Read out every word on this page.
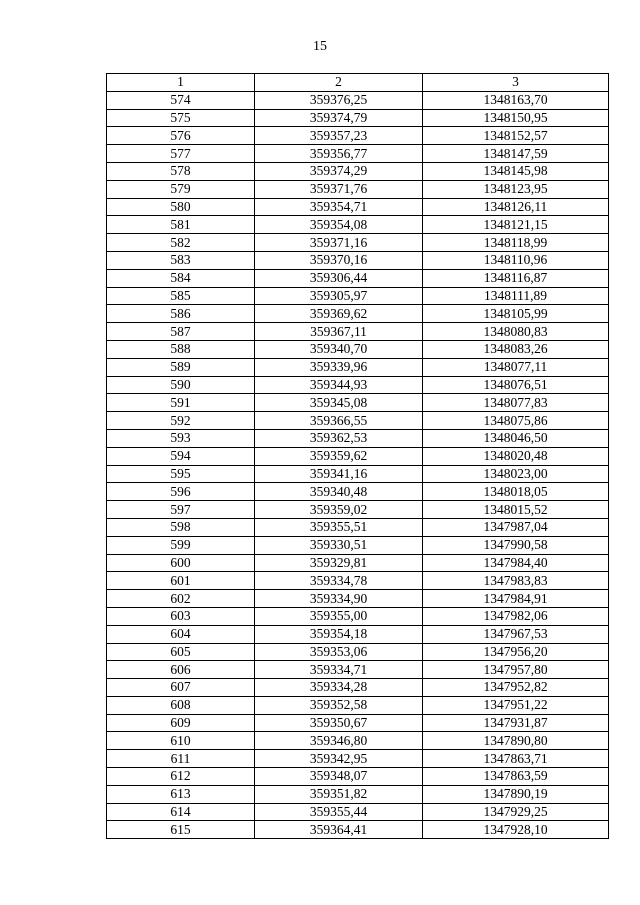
15
1	2	3
574	359376,25	1348163,70
575	359374,79	1348150,95
576	359357,23	1348152,57
577	359356,77	1348147,59
578	359374,29	1348145,98
579	359371,76	1348123,95
580	359354,71	1348126,11
581	359354,08	1348121,15
582	359371,16	1348118,99
583	359370,16	1348110,96
584	359306,44	1348116,87
585	359305,97	1348111,89
586	359369,62	1348105,99
587	359367,11	1348080,83
588	359340,70	1348083,26
589	359339,96	1348077,11
590	359344,93	1348076,51
591	359345,08	1348077,83
592	359366,55	1348075,86
593	359362,53	1348046,50
594	359359,62	1348020,48
595	359341,16	1348023,00
596	359340,48	1348018,05
597	359359,02	1348015,52
598	359355,51	1347987,04
599	359330,51	1347990,58
600	359329,81	1347984,40
601	359334,78	1347983,83
602	359334,90	1347984,91
603	359355,00	1347982,06
604	359354,18	1347967,53
605	359353,06	1347956,20
606	359334,71	1347957,80
607	359334,28	1347952,82
608	359352,58	1347951,22
609	359350,67	1347931,87
610	359346,80	1347890,80
611	359342,95	1347863,71
612	359348,07	1347863,59
613	359351,82	1347890,19
614	359355,44	1347929,25
615	359364,41	1347928,10
